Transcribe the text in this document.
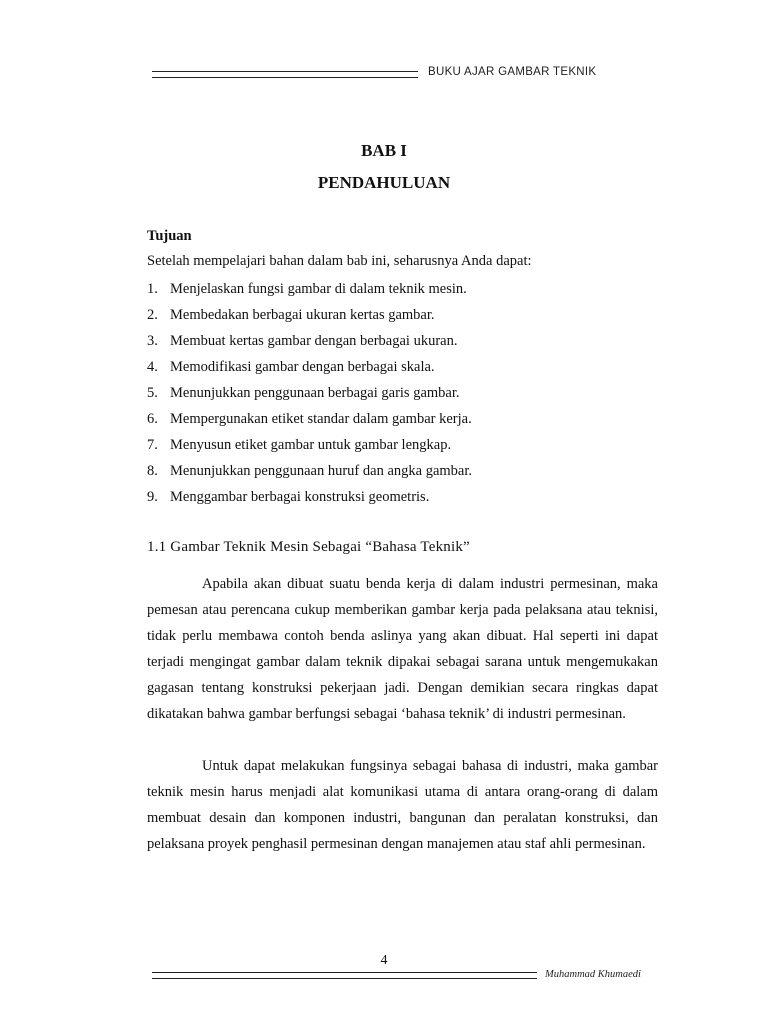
BUKU AJAR GAMBAR TEKNIK
BAB I
PENDAHULUAN
Tujuan
Setelah mempelajari bahan dalam bab ini, seharusnya Anda dapat:
1. Menjelaskan fungsi gambar di dalam teknik mesin.
2. Membedakan berbagai ukuran kertas gambar.
3. Membuat kertas gambar dengan berbagai ukuran.
4. Memodifikasi gambar dengan berbagai skala.
5. Menunjukkan penggunaan berbagai garis gambar.
6. Mempergunakan etiket standar dalam gambar kerja.
7. Menyusun etiket gambar untuk gambar lengkap.
8. Menunjukkan penggunaan huruf dan angka gambar.
9. Menggambar berbagai konstruksi geometris.
1.1 Gambar Teknik Mesin Sebagai “Bahasa Teknik”

Apabila akan dibuat suatu benda kerja di dalam industri permesinan, maka pemesan atau perencana cukup memberikan gambar kerja pada pelaksana atau teknisi, tidak perlu membawa contoh benda aslinya yang akan dibuat. Hal seperti ini dapat terjadi mengingat gambar dalam teknik dipakai sebagai sarana untuk mengemukakan gagasan tentang konstruksi pekerjaan jadi. Dengan demikian secara ringkas dapat dikatakan bahwa gambar berfungsi sebagai ‘bahasa teknik’ di industri permesinan.

Untuk dapat melakukan fungsinya sebagai bahasa di industri, maka gambar teknik mesin harus menjadi alat komunikasi utama di antara orang-orang di dalam membuat desain dan komponen industri, bangunan dan peralatan konstruksi, dan pelaksana proyek penghasil permesinan dengan manajemen atau staf ahli permesinan.

4
Muhammad Khumaedi
